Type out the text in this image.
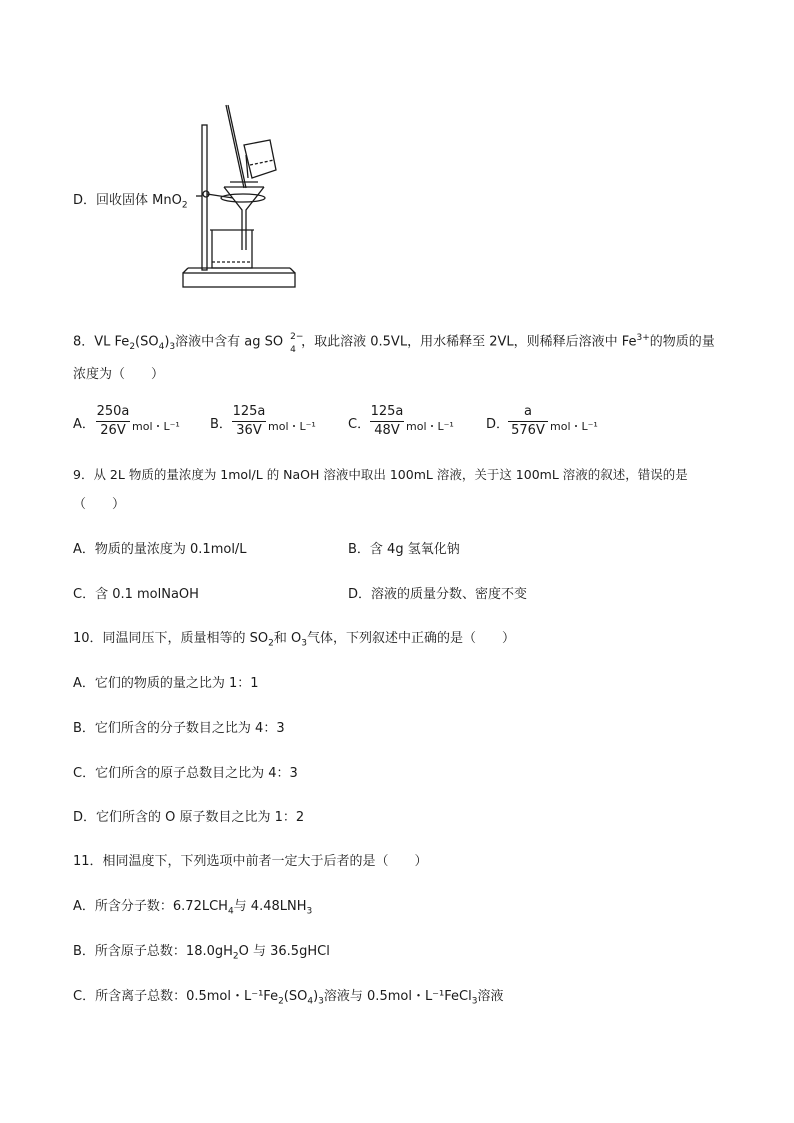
D．回收固体 MnO$_2$
8．VL $Fe_2(SO_4)_3$溶液中含有 ag SO 2−
4
，取此溶液 0.5VL，用水稀释至 2VL，则稀释后溶液中 $Fe^{3+}$的物质的量
浓度为（　　）
A．
250a
26V mol・L⁻¹ B．
125a
36V mol・L⁻¹ C．
125a
48V mol・L⁻¹ D．
a
576V mol・L⁻¹
9．从 2L 物质的量浓度为 1mol/L 的 NaOH 溶液中取出 100mL 溶液，关于这 100mL 溶液的叙述，错误的是
（　　）
A．物质的量浓度为 0.1mol/L	B．含 4g 氢氧化钠
C．含 0.1 molNaOH	D．溶液的质量分数、密度不变
10．同温同压下，质量相等的 $SO_2$和 $O_3$气体，下列叙述中正确的是（　　）
A．它们的物质的量之比为 1：1
B．它们所含的分子数目之比为 4：3
C．它们所含的原子总数目之比为 4：3
D．它们所含的 O 原子数目之比为 1：2
11．相同温度下，下列选项中前者一定大于后者的是（　　）
A．所含分子数：$6.72LCH_4$与 $4.48LNH_3$
B．所含原子总数：$18.0gH_2O$ 与 36.5gHCl
C．所含离子总数：0.5mol・$L^{-1}Fe_2(SO_4)_3$溶液与 0.5mol・L⁻¹FeCl$_3$溶液
